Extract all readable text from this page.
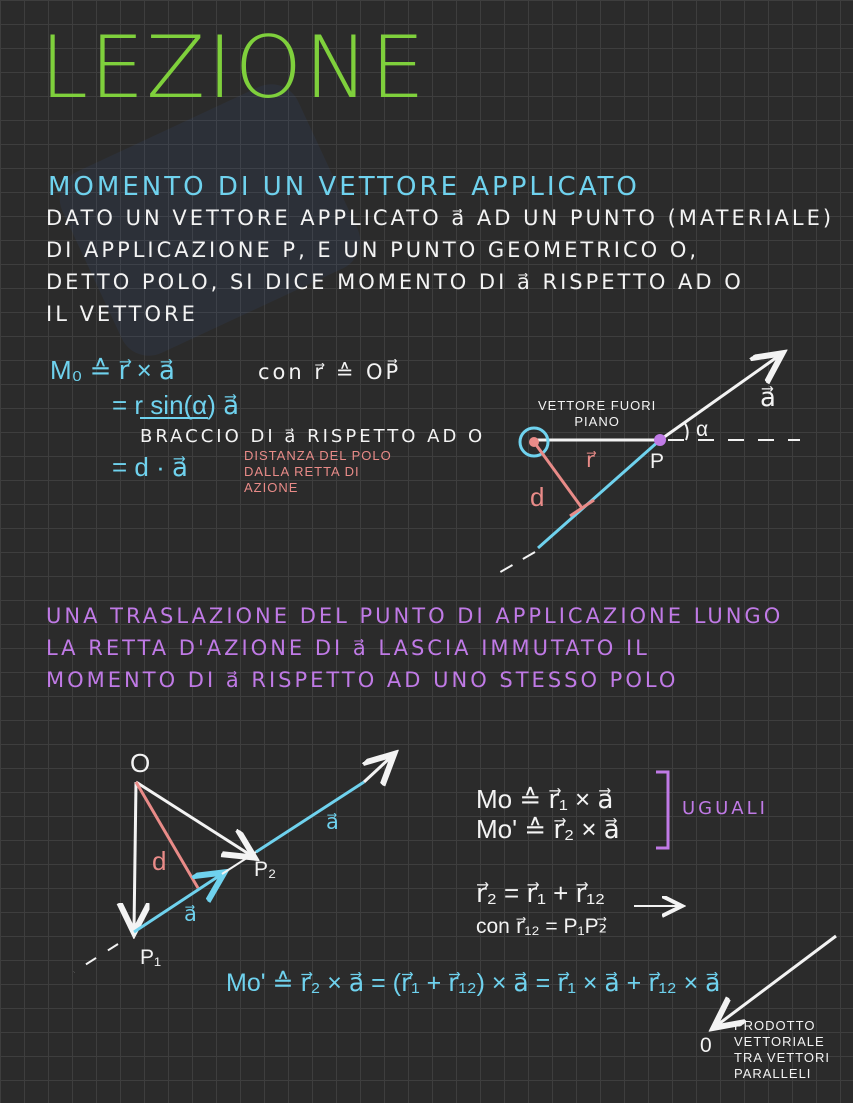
LEZIONE
MOMENTO DI UN VETTORE APPLICATO
DATO UN VETTORE APPLICATO a⃗ AD UN PUNTO (MATERIALE)
DI APPLICAZIONE P, E UN PUNTO GEOMETRICO O,
DETTO POLO, SI DICE MOMENTO DI a⃗ RISPETTO AD O
IL VETTORE
M₀ ≙ r⃗ × a⃗	con r⃗ ≙ OP⃗
= r sin(α) a⃗
BRACCIO DI a⃗ RISPETTO AD O
= d · a⃗	DISTANZA DEL POLO
DALLA RETTA DI
AZIONE
VETTORE FUORI
PIANO
a⃗
α
r⃗	P
d
UNA TRASLAZIONE DEL PUNTO DI APPLICAZIONE LUNGO
LA RETTA D'AZIONE DI a⃗ LASCIA IMMUTATO IL
MOMENTO DI a⃗ RISPETTO AD UNO STESSO POLO
O
P₁
P₂
d
a⃗
a⃗
Mo ≙ r⃗₁ × a⃗
Mo' ≙ r⃗₂ × a⃗
UGUALI
r⃗₂ = r⃗₁ + r⃗₁₂
con r⃗₁₂ = P₁P₂⃗
Mo' ≙ r⃗₂ × a⃗ = (r⃗₁ + r⃗₁₂) × a⃗ = r⃗₁ × a⃗ + r⃗₁₂ × a⃗
0
PRODOTTO
VETTORIALE
TRA VETTORI
PARALLELI
